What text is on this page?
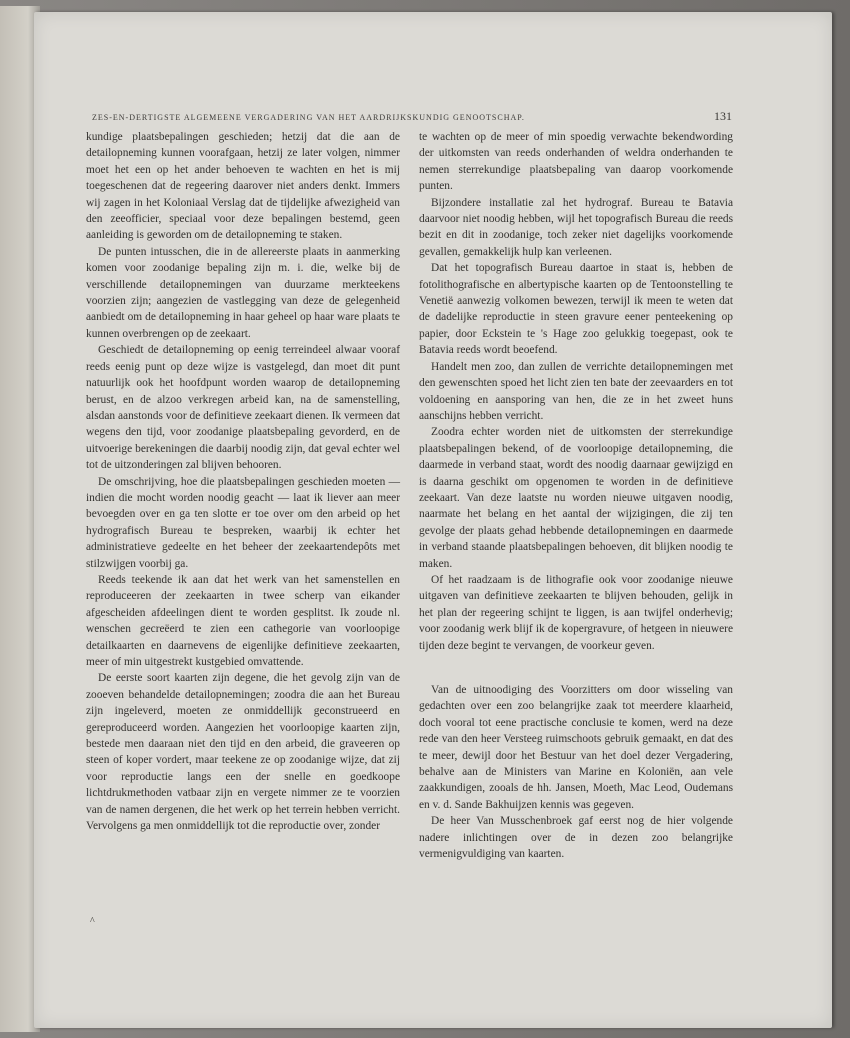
ZES-EN-DERTIGSTE ALGEMEENE VERGADERING VAN HET AARDRIJKSKUNDIG GENOOTSCHAP.	131

kundige plaatsbepalingen geschieden; hetzij dat die aan de detailopneming kunnen voorafgaan, hetzij ze later volgen, nimmer moet het een op het ander behoeven te wachten en het is mij toegeschenen dat de regeering daarover niet anders denkt. Immers wij zagen in het Koloniaal Verslag dat de tijdelijke afwezigheid van den zeeofficier, speciaal voor deze bepalingen bestemd, geen aanleiding is geworden om de detailopneming te staken.

De punten intusschen, die in de allereerste plaats in aanmerking komen voor zoodanige bepaling zijn m. i. die, welke bij de verschillende detailopnemingen van duurzame merkteekens voorzien zijn; aangezien de vastlegging van deze de gelegenheid aanbiedt om de detailopneming in haar geheel op haar ware plaats te kunnen overbrengen op de zeekaart.

Geschiedt de detailopneming op eenig terreindeel alwaar vooraf reeds eenig punt op deze wijze is vastgelegd, dan moet dit punt natuurlijk ook het hoofdpunt worden waarop de detailopneming berust, en de alzoo verkregen arbeid kan, na de samenstelling, alsdan aanstonds voor de definitieve zeekaart dienen. Ik vermeen dat wegens den tijd, voor zoodanige plaatsbepaling gevorderd, en de uitvoerige berekeningen die daarbij noodig zijn, dat geval echter wel tot de uitzonderingen zal blijven behooren.

De omschrijving, hoe die plaatsbepalingen geschieden moeten — indien die mocht worden noodig geacht — laat ik liever aan meer bevoegden over en ga ten slotte er toe over om den arbeid op het hydrografisch Bureau te bespreken, waarbij ik echter het administratieve gedeelte en het beheer der zeekaartendepôts met stilzwijgen voorbij ga.

Reeds teekende ik aan dat het werk van het samenstellen en reproduceeren der zeekaarten in twee scherp van eikander afgescheiden afdeelingen dient te worden gesplitst. Ik zoude nl. wenschen gecreëerd te zien een cathegorie van voorloopige detailkaarten en daarnevens de eigenlijke definitieve zeekaarten, meer of min uitgestrekt kustgebied omvattende.

De eerste soort kaarten zijn degene, die het gevolg zijn van de zooeven behandelde detailopnemingen; zoodra die aan het Bureau zijn ingeleverd, moeten ze onmiddellijk geconstrueerd en gereproduceerd worden. Aangezien het voorloopige kaarten zijn, bestede men daaraan niet den tijd en den arbeid, die graveeren op steen of koper vordert, maar teekene ze op zoodanige wijze, dat zij voor reproductie langs een der snelle en goedkoope lichtdrukmethoden vatbaar zijn en vergete nimmer ze te voorzien van de namen dergenen, die het werk op het terrein hebben verricht. Vervolgens ga men onmiddellijk tot die reproductie over, zonder

te wachten op de meer of min spoedig verwachte bekendwording der uitkomsten van reeds onderhanden of weldra onderhanden te nemen sterrekundige plaatsbepaling van daarop voorkomende punten.

Bijzondere installatie zal het hydrograf. Bureau te Batavia daarvoor niet noodig hebben, wijl het topografisch Bureau die reeds bezit en dit in zoodanige, toch zeker niet dagelijks voorkomende gevallen, gemakkelijk hulp kan verleenen.

Dat het topografisch Bureau daartoe in staat is, hebben de fotolithografische en albertypische kaarten op de Tentoonstelling te Venetië aanwezig volkomen bewezen, terwijl ik meen te weten dat de dadelijke reproductie in steen gravure eener penteekening op papier, door Eckstein te 's Hage zoo gelukkig toegepast, ook te Batavia reeds wordt beoefend.

Handelt men zoo, dan zullen de verrichte detailopnemingen met den gewenschten spoed het licht zien ten bate der zeevaarders en tot voldoening en aansporing van hen, die ze in het zweet huns aanschijns hebben verricht.

Zoodra echter worden niet de uitkomsten der sterrekundige plaatsbepalingen bekend, of de voorloopige detailopneming, die daarmede in verband staat, wordt des noodig daarnaar gewijzigd en is daarna geschikt om opgenomen te worden in de definitieve zeekaart. Van deze laatste nu worden nieuwe uitgaven noodig, naarmate het belang en het aantal der wijzigingen, die zij ten gevolge der plaats gehad hebbende detailopnemingen en daarmede in verband staande plaatsbepalingen behoeven, dit blijken noodig te maken.

Of het raadzaam is de lithografie ook voor zoodanige nieuwe uitgaven van definitieve zeekaarten te blijven behouden, gelijk in het plan der regeering schijnt te liggen, is aan twijfel onderhevig; voor zoodanig werk blijf ik de kopergravure, of hetgeen in nieuwere tijden deze begint te vervangen, de voorkeur geven.

Van de uitnoodiging des Voorzitters om door wisseling van gedachten over een zoo belangrijke zaak tot meerdere klaarheid, doch vooral tot eene practische conclusie te komen, werd na deze rede van den heer Versteeg ruimschoots gebruik gemaakt, en dat des te meer, dewijl door het Bestuur van het doel dezer Vergadering, behalve aan de Ministers van Marine en Koloniën, aan vele zaakkundigen, zooals de hh. Jansen, Moeth, Mac Leod, Oudemans en v. d. Sande Bakhuijzen kennis was gegeven.

De heer Van Musschenbroek gaf eerst nog de hier volgende nadere inlichtingen over de in dezen zoo belangrijke vermenigvuldiging van kaarten.

^
